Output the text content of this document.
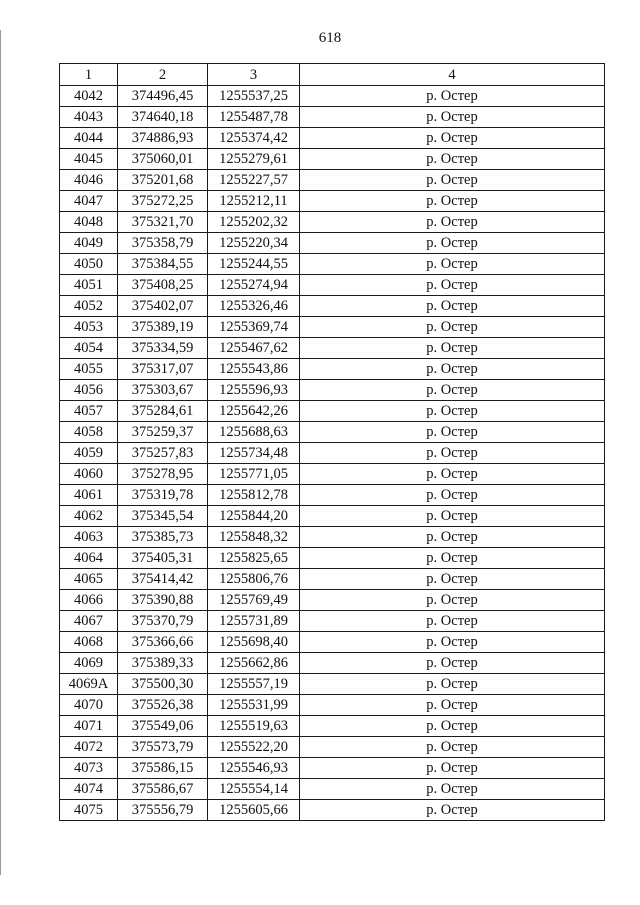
618
1	2	3	4
4042	374496,45	1255537,25	р. Остер
4043	374640,18	1255487,78	р. Остер
4044	374886,93	1255374,42	р. Остер
4045	375060,01	1255279,61	р. Остер
4046	375201,68	1255227,57	р. Остер
4047	375272,25	1255212,11	р. Остер
4048	375321,70	1255202,32	р. Остер
4049	375358,79	1255220,34	р. Остер
4050	375384,55	1255244,55	р. Остер
4051	375408,25	1255274,94	р. Остер
4052	375402,07	1255326,46	р. Остер
4053	375389,19	1255369,74	р. Остер
4054	375334,59	1255467,62	р. Остер
4055	375317,07	1255543,86	р. Остер
4056	375303,67	1255596,93	р. Остер
4057	375284,61	1255642,26	р. Остер
4058	375259,37	1255688,63	р. Остер
4059	375257,83	1255734,48	р. Остер
4060	375278,95	1255771,05	р. Остер
4061	375319,78	1255812,78	р. Остер
4062	375345,54	1255844,20	р. Остер
4063	375385,73	1255848,32	р. Остер
4064	375405,31	1255825,65	р. Остер
4065	375414,42	1255806,76	р. Остер
4066	375390,88	1255769,49	р. Остер
4067	375370,79	1255731,89	р. Остер
4068	375366,66	1255698,40	р. Остер
4069	375389,33	1255662,86	р. Остер
4069А	375500,30	1255557,19	р. Остер
4070	375526,38	1255531,99	р. Остер
4071	375549,06	1255519,63	р. Остер
4072	375573,79	1255522,20	р. Остер
4073	375586,15	1255546,93	р. Остер
4074	375586,67	1255554,14	р. Остер
4075	375556,79	1255605,66	р. Остер
